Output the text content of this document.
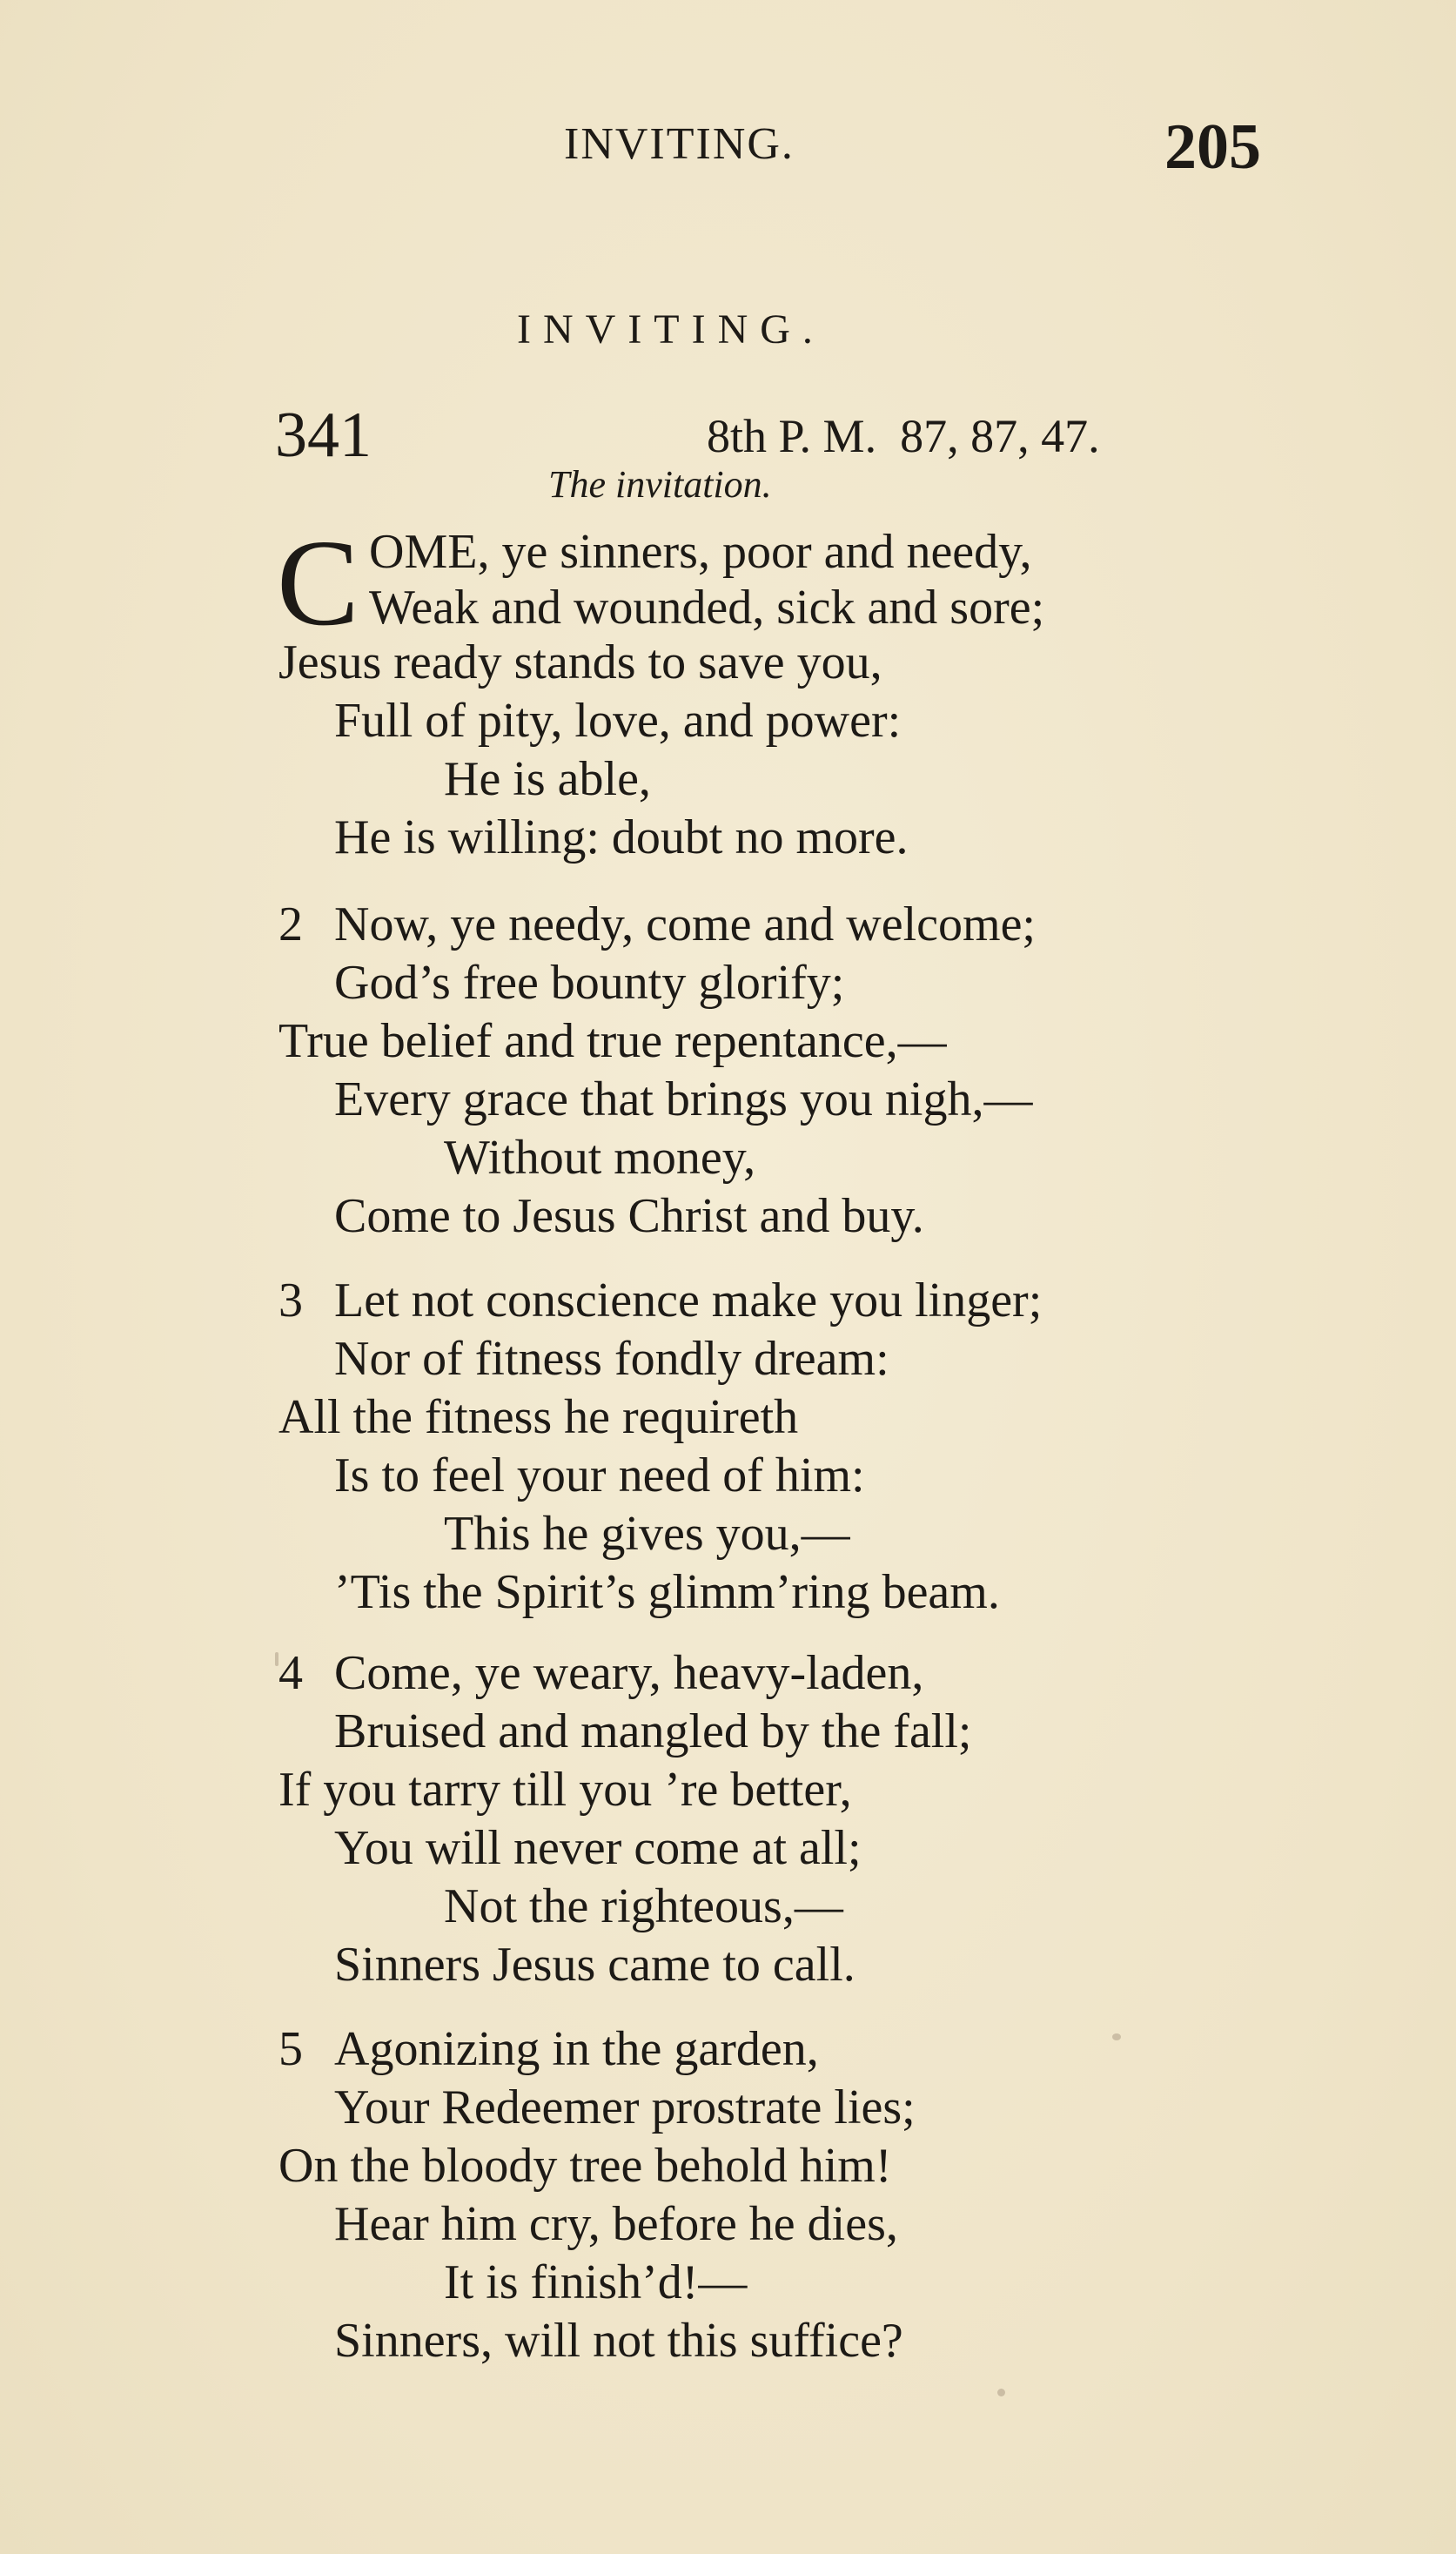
INVITING.	205
INVITING.
341	8th P. M.  87, 87, 47.
The invitation.
C OME, ye sinners, poor and needy,
Weak and wounded, sick and sore;
Jesus ready stands to save you,
Full of pity, love, and power:
He is able,
He is willing: doubt no more.
2 Now, ye needy, come and welcome;
God’s free bounty glorify;
True belief and true repentance,—
Every grace that brings you nigh,—
Without money,
Come to Jesus Christ and buy.
3 Let not conscience make you linger;
Nor of fitness fondly dream:
All the fitness he requireth
Is to feel your need of him:
This he gives you,—
’Tis the Spirit’s glimm’ring beam.
4 Come, ye weary, heavy-laden,
Bruised and mangled by the fall;
If you tarry till you ’re better,
You will never come at all;
Not the righteous,—
Sinners Jesus came to call.
5 Agonizing in the garden,
Your Redeemer prostrate lies;
On the bloody tree behold him!
Hear him cry, before he dies,
It is finish’d!—
Sinners, will not this suffice?
